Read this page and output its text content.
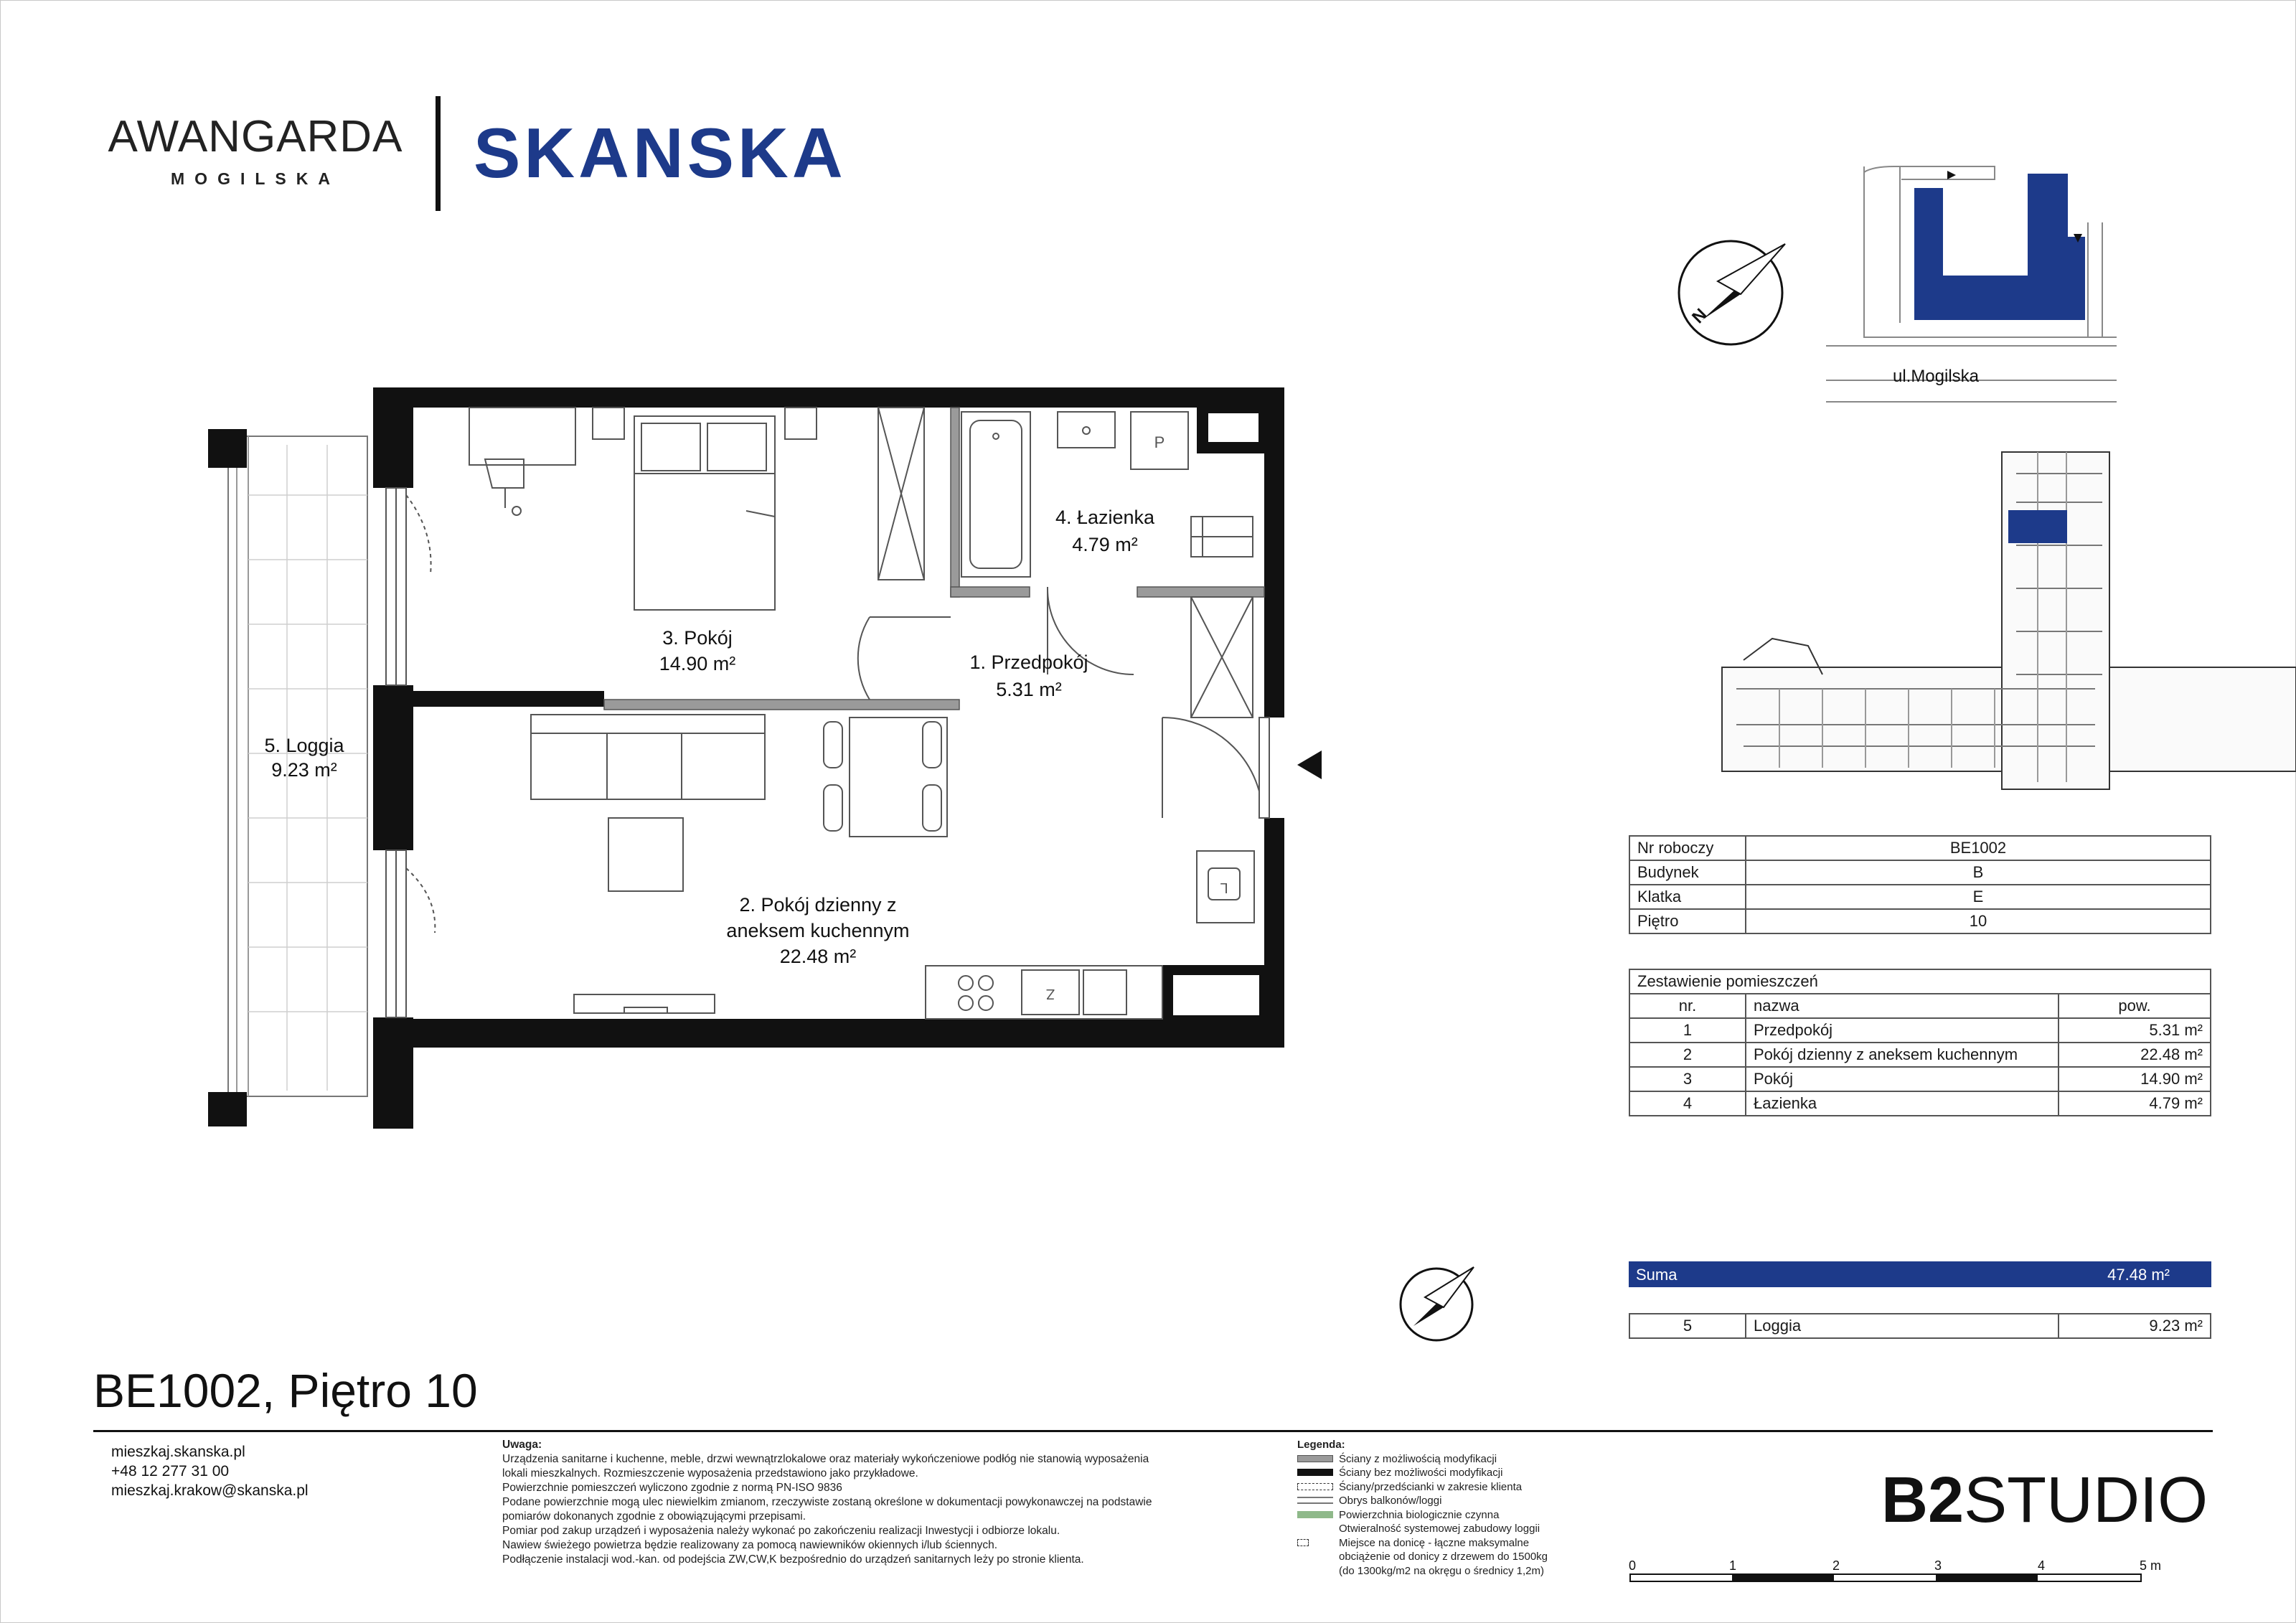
AWANGARDA
MOGILSKA	SKANSKA
ul.Mogilska
N
P
L
Z
1. Przedpokój
5.31 m²
2. Pokój dzienny z
aneksem kuchennym
22.48 m²
3. Pokój
14.90 m²
4. Łazienka
4.79 m²
5. Loggia
9.23 m²
0	1	2	3	4	5 m
Nr roboczy	BE1002
Budynek	B
Klatka	E
Piętro	10
Zestawienie pomieszczeń		
nr.	nazwa	pow.
1	Przedpokój	5.31 m²
2	Pokój dzienny z aneksem kuchennym	22.48 m²
3	Pokój	14.90 m²
4	Łazienka	4.79 m²
Suma	47.48 m²
5	Loggia	9.23 m²
BE1002, Piętro 10
mieszkaj.skanska.pl
+48 12 277 31 00
mieszkaj.krakow@skanska.pl
Uwaga:
Urządzenia sanitarne i kuchenne, meble, drzwi wewnątrzlokalowe oraz materiały wykończeniowe podłóg nie stanowią wyposażenia
lokali mieszkalnych. Rozmieszczenie wyposażenia przedstawiono jako przykładowe.
Powierzchnie pomieszczeń wyliczono zgodnie z normą PN-ISO 9836
Podane powierzchnie mogą ulec niewielkim zmianom, rzeczywiste zostaną określone w dokumentacji powykonawczej na podstawie
pomiarów dokonanych zgodnie z obowiązującymi przepisami.
Pomiar pod zakup urządzeń i wyposażenia należy wykonać po zakończeniu realizacji Inwestycji i odbiorze lokalu.
Nawiew świeżego powietrza będzie realizowany za pomocą nawiewników okiennych i/lub ściennych.
Podłączenie instalacji wod.-kan. od podejścia ZW,CW,K bezpośrednio do urządzeń sanitarnych leży po stronie klienta.
Legenda:
Ściany z możliwością modyfikacji
Ściany bez możliwości modyfikacji
Ściany/przedścianki w zakresie klienta
Obrys balkonów/loggi
Powierzchnia biologicznie czynna
Otwieralność systemowej zabudowy loggii
Miejsce na donicę - łączne maksymalne
obciążenie od donicy z drzewem do 1500kg
(do 1300kg/m2 na okręgu o średnicy 1,2m)
B2STUDIO
